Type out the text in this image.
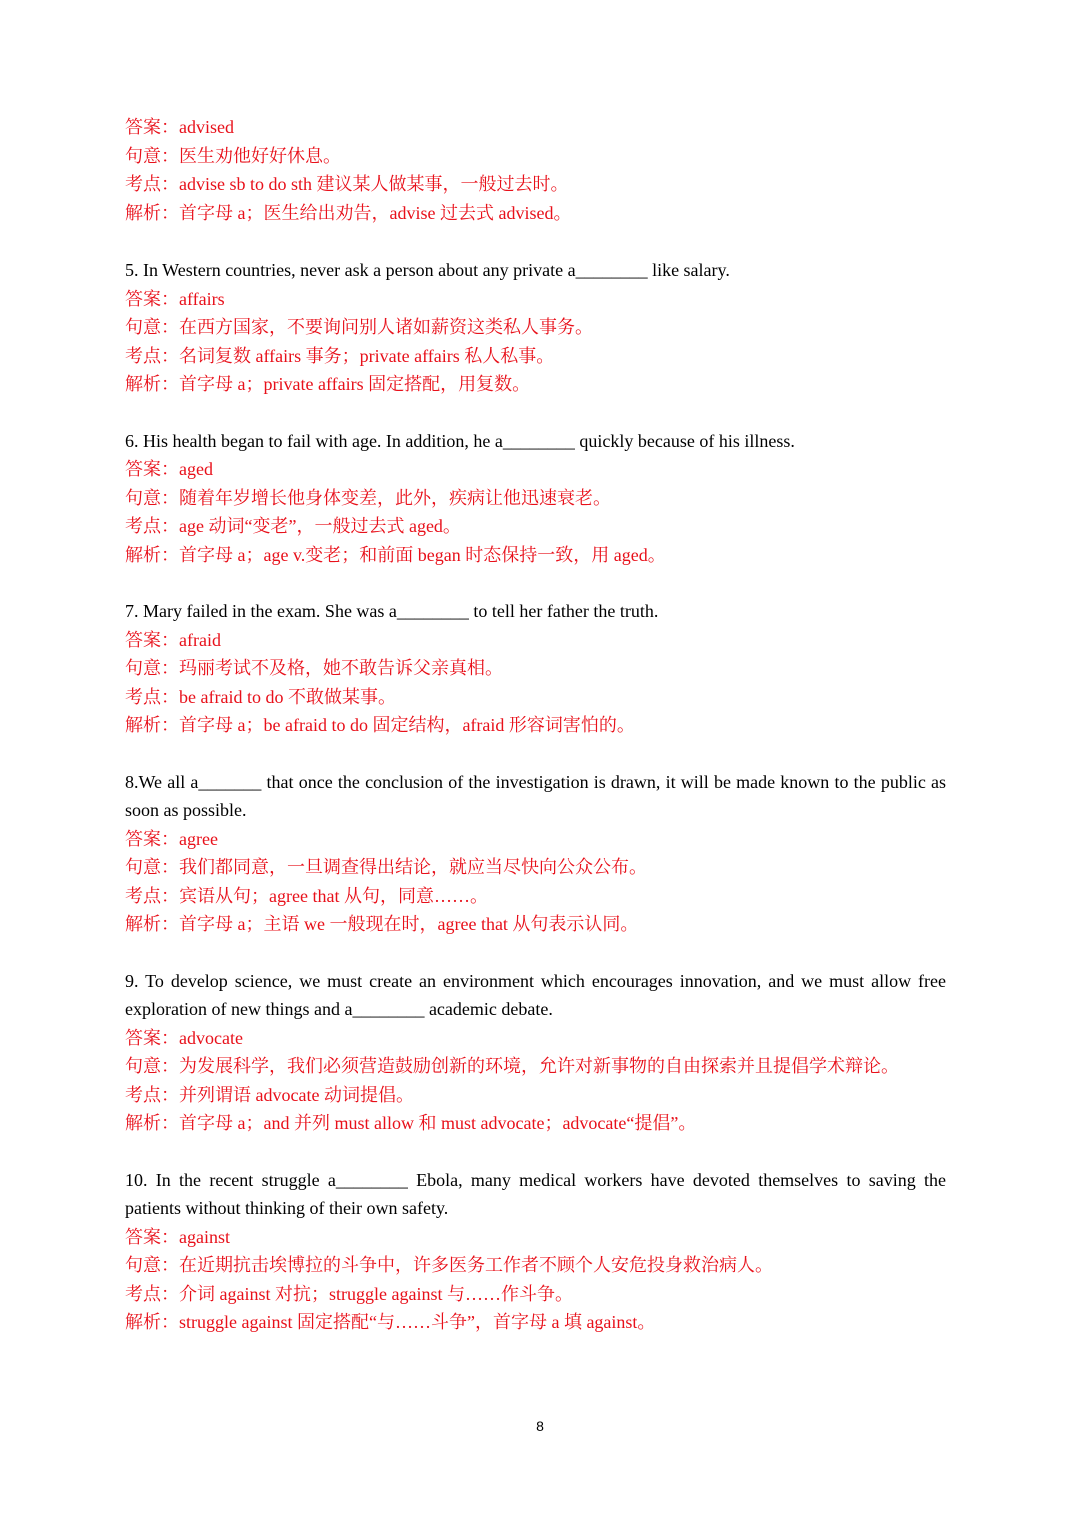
答案：advised

句意：医生劝他好好休息。

考点：advise sb to do sth 建议某人做某事，一般过去时。

解析：首字母 a；医生给出劝告，advise 过去式 advised。

5. In Western countries, never ask a person about any private a________ like salary.

答案：affairs

句意：在西方国家，不要询问别人诸如薪资这类私人事务。

考点：名词复数 affairs 事务；private affairs 私人私事。

解析：首字母 a；private affairs 固定搭配，用复数。

6. His health began to fail with age. In addition, he a________ quickly because of his illness.

答案：aged

句意：随着年岁增长他身体变差，此外，疾病让他迅速衰老。

考点：age 动词“变老”，一般过去式 aged。

解析：首字母 a；age v.变老；和前面 began 时态保持一致，用 aged。

7. Mary failed in the exam. She was a________ to tell her father the truth.

答案：afraid

句意：玛丽考试不及格，她不敢告诉父亲真相。

考点：be afraid to do 不敢做某事。

解析：首字母 a；be afraid to do 固定结构，afraid 形容词害怕的。

8.We all a_______ that once the conclusion of the investigation is drawn, it will be made known to the public as soon as possible.

答案：agree

句意：我们都同意，一旦调查得出结论，就应当尽快向公众公布。

考点：宾语从句；agree that 从句，同意……。

解析：首字母 a；主语 we 一般现在时，agree that 从句表示认同。

9. To develop science, we must create an environment which encourages innovation, and we must allow free exploration of new things and a________ academic debate.

答案：advocate

句意：为发展科学，我们必须营造鼓励创新的环境，允许对新事物的自由探索并且提倡学术辩论。

考点：并列谓语 advocate 动词提倡。

解析：首字母 a；and 并列 must allow 和 must advocate；advocate“提倡”。

10. In the recent struggle a________ Ebola, many medical workers have devoted themselves to saving the patients without thinking of their own safety.

答案：against

句意：在近期抗击埃博拉的斗争中，许多医务工作者不顾个人安危投身救治病人。

考点：介词 against 对抗；struggle against 与……作斗争。

解析：struggle against 固定搭配“与……斗争”，首字母 a 填 against。

8
